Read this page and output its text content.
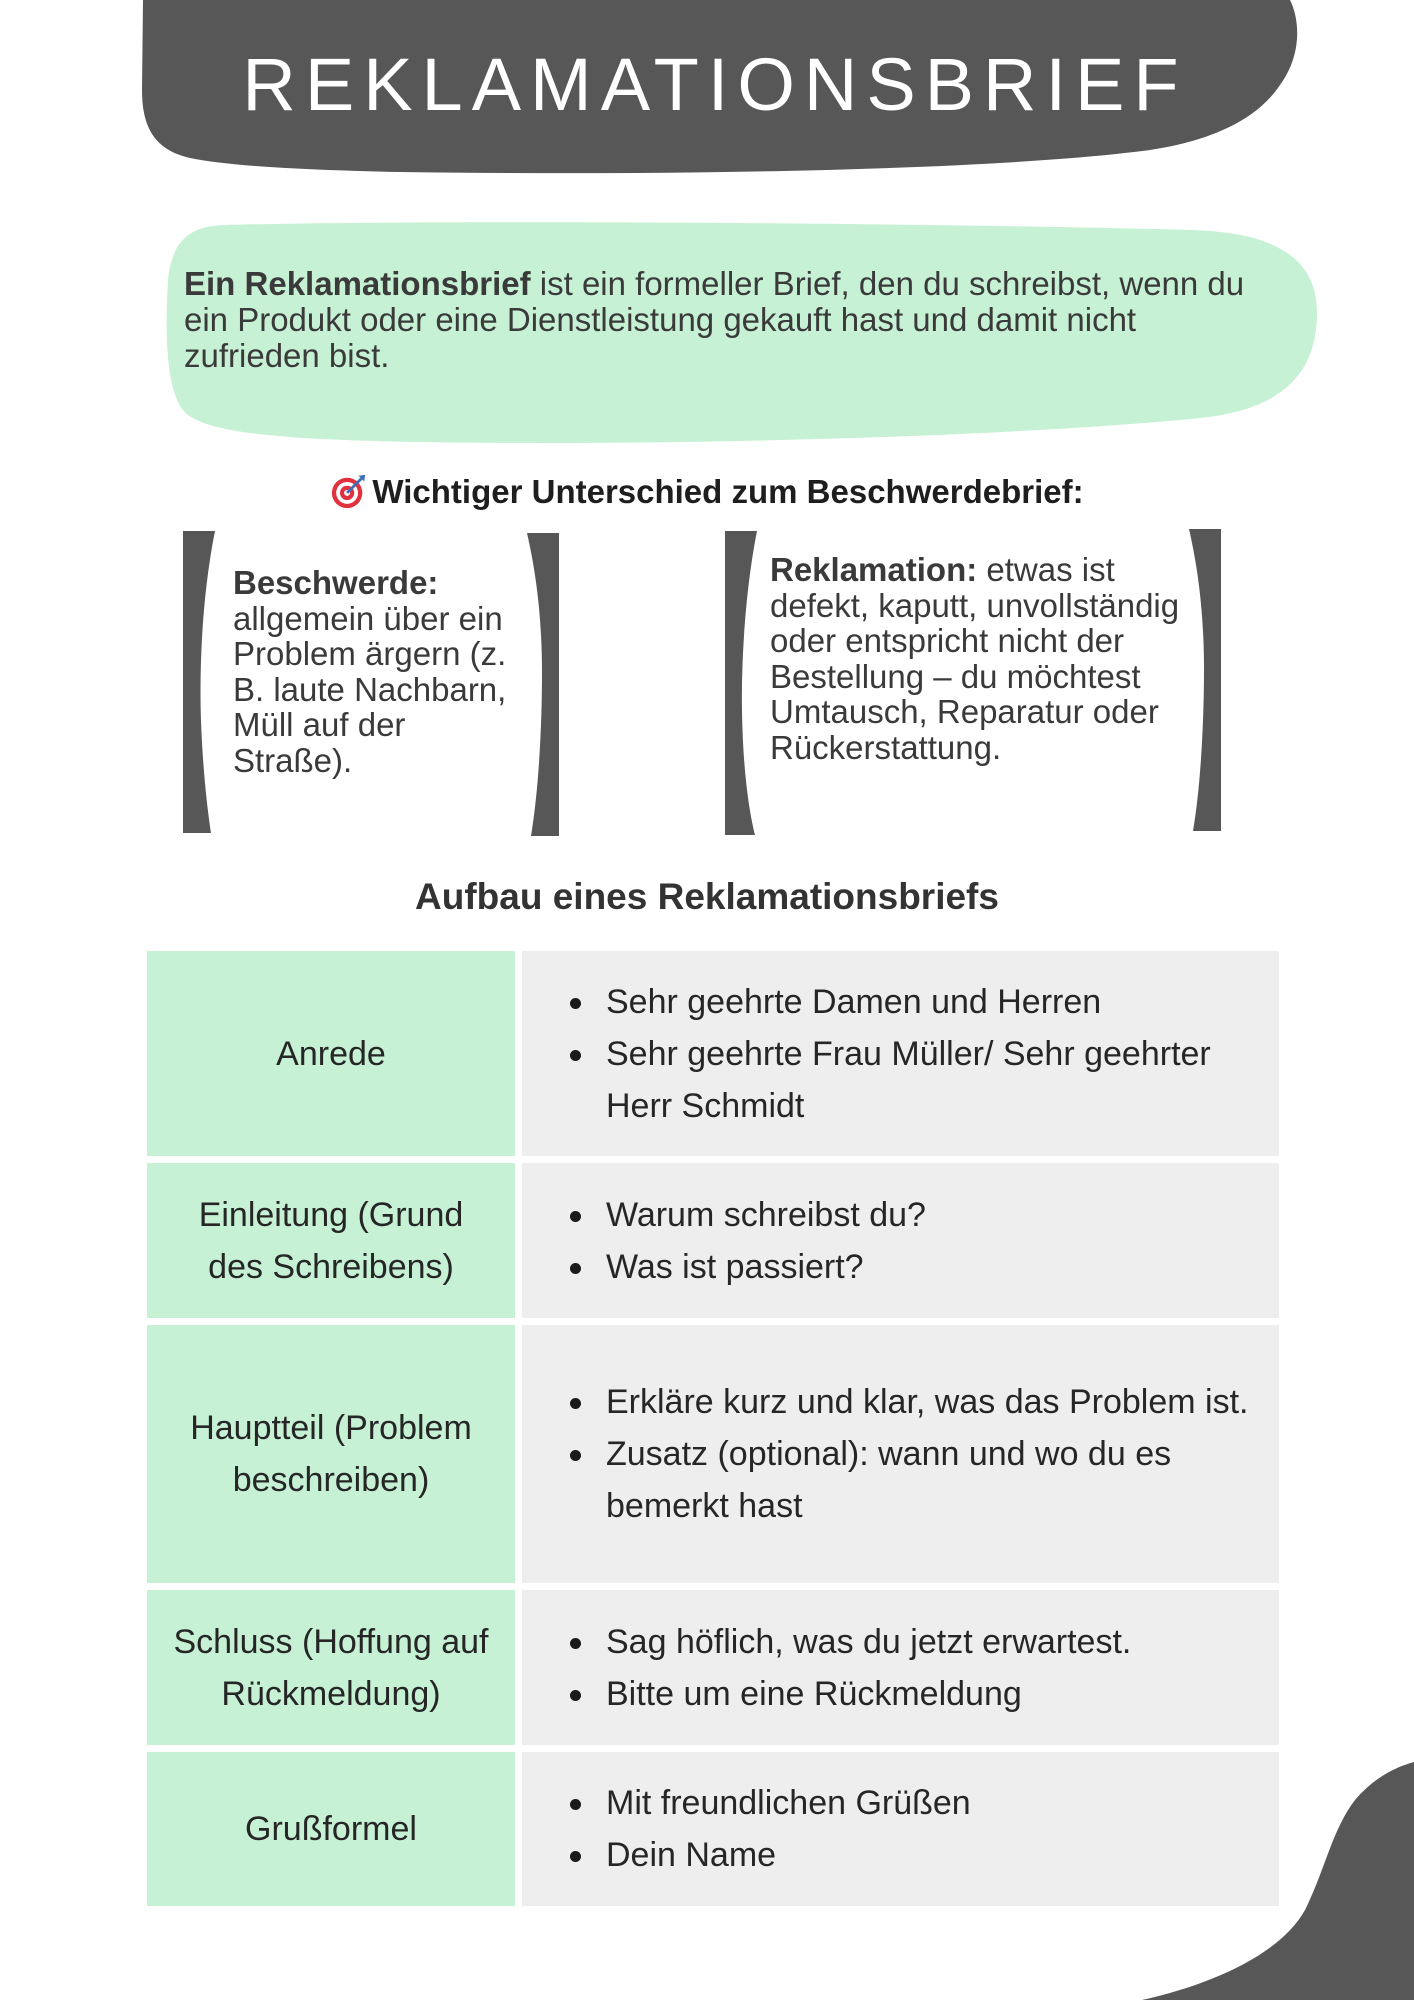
REKLAMATIONSBRIEF
Ein Reklamationsbrief ist ein formeller Brief, den du schreibst, wenn du ein Produkt oder eine Dienstleistung gekauft hast und damit nicht zufrieden bist.
Wichtiger Unterschied zum Beschwerdebrief:
Beschwerde:
allgemein über ein Problem ärgern (z. B. laute Nachbarn, Müll auf der Straße).
Reklamation: etwas ist defekt, kaputt, unvollständig oder entspricht nicht der Bestellung – du möchtest Umtausch, Reparatur oder Rückerstattung.
Aufbau eines Reklamationsbriefs
Anrede
Sehr geehrte Damen und Herren
Sehr geehrte Frau Müller/ Sehr geehrter Herr Schmidt
Einleitung (Grund des Schreibens)
Warum schreibst du?
Was ist passiert?
Hauptteil (Problem beschreiben)
Erkläre kurz und klar, was das Problem ist.
Zusatz (optional): wann und wo du es bemerkt hast
Schluss (Hoffung auf Rückmeldung)
Sag höflich, was du jetzt erwartest.
Bitte um eine Rückmeldung
Grußformel
Mit freundlichen Grüßen
Dein Name
